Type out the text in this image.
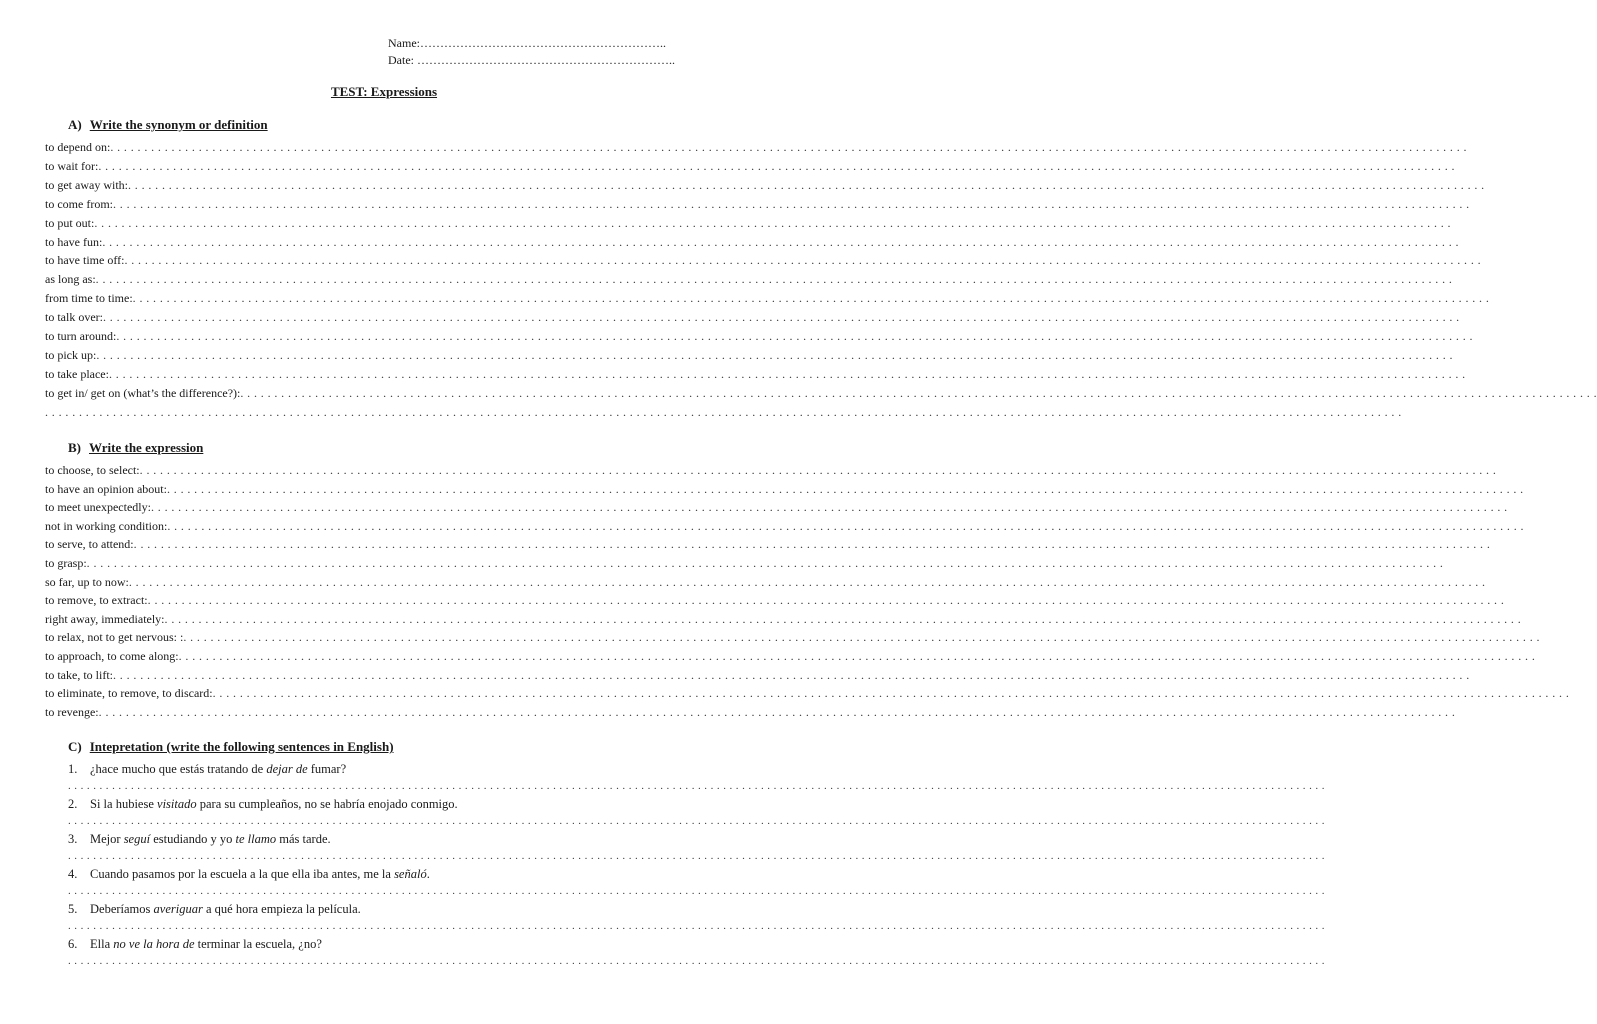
Name:……………………………………………………..
Date: ………………………………………………………..
TEST: Expressions
A) Write the synonym or definition
to depend on: . . . . . . . . . . . . . . . . . . . . . . . . . . . . . . . . . . . . . . . . . . . . . . . . . . . . . . . . . . . . . . . . . . . . . . . . . . . . . . . . . . . . . . . . . . . . . . . . . . . . . . . . . . . . . . . . . . . . . . . . . . . . . . . . . . . . . . . . . . . . . . . . . . . . . . . . . . . . . . . . . . . . . . . . . . . . . . . . . . . . . . . . . . . . . . . . . . . . . . . .
to wait for: . . . . . . . . . . . . . . . . . . . . . . . . . . . . . . . . . . . . . . . . . . . . . . . . . . . . . . . . . . . . . . . . . . . . . . . . . . . . . . . . . . . . . . . . . . . . . . . . . . . . . . . . . . . . . . . . . . . . . . . . . . . . . . . . . . . . . . . . . . . . . . . . . . . . . . . . . . . . . . . . . . . . . . . . . . . . . . . . . . . . . . . . . . . . . . . . . . . . . . . .
to get away with: . . . . . . . . . . . . . . . . . . . . . . . . . . . . . . . . . . . . . . . . . . . . . . . . . . . . . . . . . . . . . . . . . . . . . . . . . . . . . . . . . . . . . . . . . . . . . . . . . . . . . . . . . . . . . . . . . . . . . . . . . . . . . . . . . . . . . . . . . . . . . . . . . . . . . . . . . . . . . . . . . . . . . . . . . . . . . . . . . . . . . . . . . . . . . . . . . . . . . . . .
to come from: . . . . . . . . . . . . . . . . . . . . . . . . . . . . . . . . . . . . . . . . . . . . . . . . . . . . . . . . . . . . . . . . . . . . . . . . . . . . . . . . . . . . . . . . . . . . . . . . . . . . . . . . . . . . . . . . . . . . . . . . . . . . . . . . . . . . . . . . . . . . . . . . . . . . . . . . . . . . . . . . . . . . . . . . . . . . . . . . . . . . . . . . . . . . . . . . . . . . . . . .
to put out: . . . . . . . . . . . . . . . . . . . . . . . . . . . . . . . . . . . . . . . . . . . . . . . . . . . . . . . . . . . . . . . . . . . . . . . . . . . . . . . . . . . . . . . . . . . . . . . . . . . . . . . . . . . . . . . . . . . . . . . . . . . . . . . . . . . . . . . . . . . . . . . . . . . . . . . . . . . . . . . . . . . . . . . . . . . . . . . . . . . . . . . . . . . . . . . . . . . . . . . .
to have fun: . . . . . . . . . . . . . . . . . . . . . . . . . . . . . . . . . . . . . . . . . . . . . . . . . . . . . . . . . . . . . . . . . . . . . . . . . . . . . . . . . . . . . . . . . . . . . . . . . . . . . . . . . . . . . . . . . . . . . . . . . . . . . . . . . . . . . . . . . . . . . . . . . . . . . . . . . . . . . . . . . . . . . . . . . . . . . . . . . . . . . . . . . . . . . . . . . . . . . . . .
to have time off: . . . . . . . . . . . . . . . . . . . . . . . . . . . . . . . . . . . . . . . . . . . . . . . . . . . . . . . . . . . . . . . . . . . . . . . . . . . . . . . . . . . . . . . . . . . . . . . . . . . . . . . . . . . . . . . . . . . . . . . . . . . . . . . . . . . . . . . . . . . . . . . . . . . . . . . . . . . . . . . . . . . . . . . . . . . . . . . . . . . . . . . . . . . . . . . . . . . . . . . .
as long as: . . . . . . . . . . . . . . . . . . . . . . . . . . . . . . . . . . . . . . . . . . . . . . . . . . . . . . . . . . . . . . . . . . . . . . . . . . . . . . . . . . . . . . . . . . . . . . . . . . . . . . . . . . . . . . . . . . . . . . . . . . . . . . . . . . . . . . . . . . . . . . . . . . . . . . . . . . . . . . . . . . . . . . . . . . . . . . . . . . . . . . . . . . . . . . . . . . . . . . . .
from time to time: . . . . . . . . . . . . . . . . . . . . . . . . . . . . . . . . . . . . . . . . . . . . . . . . . . . . . . . . . . . . . . . . . . . . . . . . . . . . . . . . . . . . . . . . . . . . . . . . . . . . . . . . . . . . . . . . . . . . . . . . . . . . . . . . . . . . . . . . . . . . . . . . . . . . . . . . . . . . . . . . . . . . . . . . . . . . . . . . . . . . . . . . . . . . . . . . . . . . . . . .
to talk over: . . . . . . . . . . . . . . . . . . . . . . . . . . . . . . . . . . . . . . . . . . . . . . . . . . . . . . . . . . . . . . . . . . . . . . . . . . . . . . . . . . . . . . . . . . . . . . . . . . . . . . . . . . . . . . . . . . . . . . . . . . . . . . . . . . . . . . . . . . . . . . . . . . . . . . . . . . . . . . . . . . . . . . . . . . . . . . . . . . . . . . . . . . . . . . . . . . . . . . . .
to turn around: . . . . . . . . . . . . . . . . . . . . . . . . . . . . . . . . . . . . . . . . . . . . . . . . . . . . . . . . . . . . . . . . . . . . . . . . . . . . . . . . . . . . . . . . . . . . . . . . . . . . . . . . . . . . . . . . . . . . . . . . . . . . . . . . . . . . . . . . . . . . . . . . . . . . . . . . . . . . . . . . . . . . . . . . . . . . . . . . . . . . . . . . . . . . . . . . . . . . . . . .
to pick up: . . . . . . . . . . . . . . . . . . . . . . . . . . . . . . . . . . . . . . . . . . . . . . . . . . . . . . . . . . . . . . . . . . . . . . . . . . . . . . . . . . . . . . . . . . . . . . . . . . . . . . . . . . . . . . . . . . . . . . . . . . . . . . . . . . . . . . . . . . . . . . . . . . . . . . . . . . . . . . . . . . . . . . . . . . . . . . . . . . . . . . . . . . . . . . . . . . . . . . . .
to take place: . . . . . . . . . . . . . . . . . . . . . . . . . . . . . . . . . . . . . . . . . . . . . . . . . . . . . . . . . . . . . . . . . . . . . . . . . . . . . . . . . . . . . . . . . . . . . . . . . . . . . . . . . . . . . . . . . . . . . . . . . . . . . . . . . . . . . . . . . . . . . . . . . . . . . . . . . . . . . . . . . . . . . . . . . . . . . . . . . . . . . . . . . . . . . . . . . . . . . . . .
to get in/ get on (what’s the difference?): . . . . . . . . . . . . . . . . . . . . . . . . . . . . . . . . . . . . . . . . . . . . . . . . . . . . . . . . . . . . . . . . . . . . . . . . . . . . . . . . . . . . . . . . . . . . . . . . . . . . . . . . . . . . . . . . . . . . . . . . . . . . . . . . . . . . . . . . . . . . . . . . . . . . . . . . . . . . . . . . . . . . . . . . . . . . . . . . . . . . . . . . . . . . . . . . . . . . . . . .
. . . . . . . . . . . . . . . . . . . . . . . . . . . . . . . . . . . . . . . . . . . . . . . . . . . . . . . . . . . . . . . . . . . . . . . . . . . . . . . . . . . . . . . . . . . . . . . . . . . . . . . . . . . . . . . . . . . . . . . . . . . . . . . . . . . . . . . . . . . . . . . . . . . . . . . . . . . . . . . . . . . . . . . . . . . . . . . . . . . . . . . . . . . . . . . . . . . . . . . .
B) Write the expression
to choose, to select: . . . . . . . . . . . . . . . . . . . . . . . . . . . . . . . . . . . . . . . . . . . . . . . . . . . . . . . . . . . . . . . . . . . . . . . . . . . . . . . . . . . . . . . . . . . . . . . . . . . . . . . . . . . . . . . . . . . . . . . . . . . . . . . . . . . . . . . . . . . . . . . . . . . . . . . . . . . . . . . . . . . . . . . . . . . . . . . . . . . . . . . . . . . . . . . . . . . . . . . .
to have an opinion about: . . . . . . . . . . . . . . . . . . . . . . . . . . . . . . . . . . . . . . . . . . . . . . . . . . . . . . . . . . . . . . . . . . . . . . . . . . . . . . . . . . . . . . . . . . . . . . . . . . . . . . . . . . . . . . . . . . . . . . . . . . . . . . . . . . . . . . . . . . . . . . . . . . . . . . . . . . . . . . . . . . . . . . . . . . . . . . . . . . . . . . . . . . . . . . . . . . . . . . . .
to meet unexpectedly: . . . . . . . . . . . . . . . . . . . . . . . . . . . . . . . . . . . . . . . . . . . . . . . . . . . . . . . . . . . . . . . . . . . . . . . . . . . . . . . . . . . . . . . . . . . . . . . . . . . . . . . . . . . . . . . . . . . . . . . . . . . . . . . . . . . . . . . . . . . . . . . . . . . . . . . . . . . . . . . . . . . . . . . . . . . . . . . . . . . . . . . . . . . . . . . . . . . . . . . .
not in working condition: . . . . . . . . . . . . . . . . . . . . . . . . . . . . . . . . . . . . . . . . . . . . . . . . . . . . . . . . . . . . . . . . . . . . . . . . . . . . . . . . . . . . . . . . . . . . . . . . . . . . . . . . . . . . . . . . . . . . . . . . . . . . . . . . . . . . . . . . . . . . . . . . . . . . . . . . . . . . . . . . . . . . . . . . . . . . . . . . . . . . . . . . . . . . . . . . . . . . . . . .
to serve, to attend: . . . . . . . . . . . . . . . . . . . . . . . . . . . . . . . . . . . . . . . . . . . . . . . . . . . . . . . . . . . . . . . . . . . . . . . . . . . . . . . . . . . . . . . . . . . . . . . . . . . . . . . . . . . . . . . . . . . . . . . . . . . . . . . . . . . . . . . . . . . . . . . . . . . . . . . . . . . . . . . . . . . . . . . . . . . . . . . . . . . . . . . . . . . . . . . . . . . . . . . .
to grasp: . . . . . . . . . . . . . . . . . . . . . . . . . . . . . . . . . . . . . . . . . . . . . . . . . . . . . . . . . . . . . . . . . . . . . . . . . . . . . . . . . . . . . . . . . . . . . . . . . . . . . . . . . . . . . . . . . . . . . . . . . . . . . . . . . . . . . . . . . . . . . . . . . . . . . . . . . . . . . . . . . . . . . . . . . . . . . . . . . . . . . . . . . . . . . . . . . . . . . . . .
so far, up to now: . . . . . . . . . . . . . . . . . . . . . . . . . . . . . . . . . . . . . . . . . . . . . . . . . . . . . . . . . . . . . . . . . . . . . . . . . . . . . . . . . . . . . . . . . . . . . . . . . . . . . . . . . . . . . . . . . . . . . . . . . . . . . . . . . . . . . . . . . . . . . . . . . . . . . . . . . . . . . . . . . . . . . . . . . . . . . . . . . . . . . . . . . . . . . . . . . . . . . . . .
to remove, to extract: . . . . . . . . . . . . . . . . . . . . . . . . . . . . . . . . . . . . . . . . . . . . . . . . . . . . . . . . . . . . . . . . . . . . . . . . . . . . . . . . . . . . . . . . . . . . . . . . . . . . . . . . . . . . . . . . . . . . . . . . . . . . . . . . . . . . . . . . . . . . . . . . . . . . . . . . . . . . . . . . . . . . . . . . . . . . . . . . . . . . . . . . . . . . . . . . . . . . . . . .
right away, immediately: . . . . . . . . . . . . . . . . . . . . . . . . . . . . . . . . . . . . . . . . . . . . . . . . . . . . . . . . . . . . . . . . . . . . . . . . . . . . . . . . . . . . . . . . . . . . . . . . . . . . . . . . . . . . . . . . . . . . . . . . . . . . . . . . . . . . . . . . . . . . . . . . . . . . . . . . . . . . . . . . . . . . . . . . . . . . . . . . . . . . . . . . . . . . . . . . . . . . . . . .
to relax, not to get nervous: : . . . . . . . . . . . . . . . . . . . . . . . . . . . . . . . . . . . . . . . . . . . . . . . . . . . . . . . . . . . . . . . . . . . . . . . . . . . . . . . . . . . . . . . . . . . . . . . . . . . . . . . . . . . . . . . . . . . . . . . . . . . . . . . . . . . . . . . . . . . . . . . . . . . . . . . . . . . . . . . . . . . . . . . . . . . . . . . . . . . . . . . . . . . . . . . . . . . . . . . .
to approach, to come along: . . . . . . . . . . . . . . . . . . . . . . . . . . . . . . . . . . . . . . . . . . . . . . . . . . . . . . . . . . . . . . . . . . . . . . . . . . . . . . . . . . . . . . . . . . . . . . . . . . . . . . . . . . . . . . . . . . . . . . . . . . . . . . . . . . . . . . . . . . . . . . . . . . . . . . . . . . . . . . . . . . . . . . . . . . . . . . . . . . . . . . . . . . . . . . . . . . . . . . . .
to take, to lift: . . . . . . . . . . . . . . . . . . . . . . . . . . . . . . . . . . . . . . . . . . . . . . . . . . . . . . . . . . . . . . . . . . . . . . . . . . . . . . . . . . . . . . . . . . . . . . . . . . . . . . . . . . . . . . . . . . . . . . . . . . . . . . . . . . . . . . . . . . . . . . . . . . . . . . . . . . . . . . . . . . . . . . . . . . . . . . . . . . . . . . . . . . . . . . . . . . . . . . . .
to eliminate, to remove, to discard: . . . . . . . . . . . . . . . . . . . . . . . . . . . . . . . . . . . . . . . . . . . . . . . . . . . . . . . . . . . . . . . . . . . . . . . . . . . . . . . . . . . . . . . . . . . . . . . . . . . . . . . . . . . . . . . . . . . . . . . . . . . . . . . . . . . . . . . . . . . . . . . . . . . . . . . . . . . . . . . . . . . . . . . . . . . . . . . . . . . . . . . . . . . . . . . . . . . . . . . .
to revenge: . . . . . . . . . . . . . . . . . . . . . . . . . . . . . . . . . . . . . . . . . . . . . . . . . . . . . . . . . . . . . . . . . . . . . . . . . . . . . . . . . . . . . . . . . . . . . . . . . . . . . . . . . . . . . . . . . . . . . . . . . . . . . . . . . . . . . . . . . . . . . . . . . . . . . . . . . . . . . . . . . . . . . . . . . . . . . . . . . . . . . . . . . . . . . . . . . . . . . . . .
C) Intepretation (write the following sentences in English)
1. ¿hace mucho que estás tratando de dejar de fumar?
. . . . . . . . . . . . . . . . . . . . . . . . . . . . . . . . . . . . . . . . . . . . . . . . . . . . . . . . . . . . . . . . . . . . . . . . . . . . . . . . . . . . . . . . . . . . . . . . . . . . . . . . . . . . . . . . . . . . . . . . . . . . . . . . . . . . . . . . . . . . . . . . . . . . . . . . . . . . . . . . . . . . . . . . . . . . . . . . . . . . . . . . . . . . . . . . . . . . . . . .
2. Si la hubiese visitado para su cumpleaños, no se habría enojado conmigo.
. . . . . . . . . . . . . . . . . . . . . . . . . . . . . . . . . . . . . . . . . . . . . . . . . . . . . . . . . . . . . . . . . . . . . . . . . . . . . . . . . . . . . . . . . . . . . . . . . . . . . . . . . . . . . . . . . . . . . . . . . . . . . . . . . . . . . . . . . . . . . . . . . . . . . . . . . . . . . . . . . . . . . . . . . . . . . . . . . . . . . . . . . . . . . . . . . . . . . . . .
3. Mejor seguí estudiando y yo te llamo más tarde.
. . . . . . . . . . . . . . . . . . . . . . . . . . . . . . . . . . . . . . . . . . . . . . . . . . . . . . . . . . . . . . . . . . . . . . . . . . . . . . . . . . . . . . . . . . . . . . . . . . . . . . . . . . . . . . . . . . . . . . . . . . . . . . . . . . . . . . . . . . . . . . . . . . . . . . . . . . . . . . . . . . . . . . . . . . . . . . . . . . . . . . . . . . . . . . . . . . . . . . . .
4. Cuando pasamos por la escuela a la que ella iba antes, me la señaló.
. . . . . . . . . . . . . . . . . . . . . . . . . . . . . . . . . . . . . . . . . . . . . . . . . . . . . . . . . . . . . . . . . . . . . . . . . . . . . . . . . . . . . . . . . . . . . . . . . . . . . . . . . . . . . . . . . . . . . . . . . . . . . . . . . . . . . . . . . . . . . . . . . . . . . . . . . . . . . . . . . . . . . . . . . . . . . . . . . . . . . . . . . . . . . . . . . . . . . . . .
5. Deberíamos averiguar a qué hora empieza la película.
. . . . . . . . . . . . . . . . . . . . . . . . . . . . . . . . . . . . . . . . . . . . . . . . . . . . . . . . . . . . . . . . . . . . . . . . . . . . . . . . . . . . . . . . . . . . . . . . . . . . . . . . . . . . . . . . . . . . . . . . . . . . . . . . . . . . . . . . . . . . . . . . . . . . . . . . . . . . . . . . . . . . . . . . . . . . . . . . . . . . . . . . . . . . . . . . . . . . . . . .
6. Ella no ve la hora de terminar la escuela, ¿no?
. . . . . . . . . . . . . . . . . . . . . . . . . . . . . . . . . . . . . . . . . . . . . . . . . . . . . . . . . . . . . . . . . . . . . . . . . . . . . . . . . . . . . . . . . . . . . . . . . . . . . . . . . . . . . . . . . . . . . . . . . . . . . . . . . . . . . . . . . . . . . . . . . . . . . . . . . . . . . . . . . . . . . . . . . . . . . . . . . . . . . . . . . . . . . . . . . . . . . . . .
